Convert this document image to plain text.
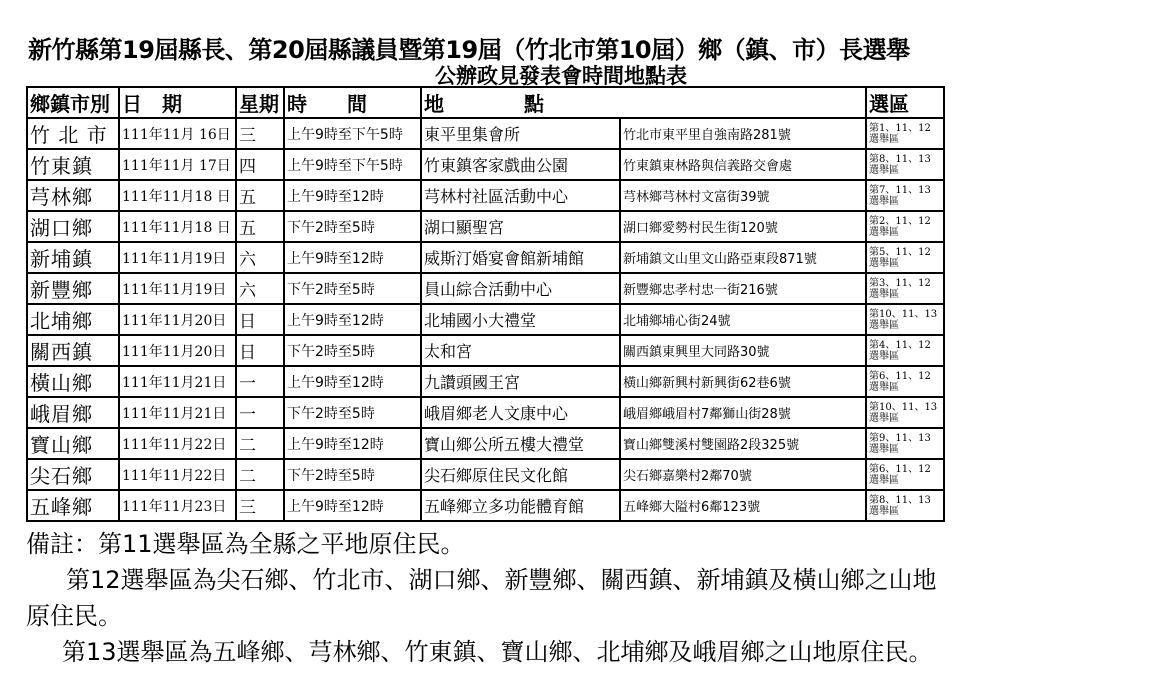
新竹縣第19屆縣長、第20屆縣議員暨第19屆（竹北市第10屆）鄉（鎮、市）長選舉
公辦政見發表會時間地點表
鄉鎮市別	日　期	星期	時　　間	地　　　　點		選區
竹 北 市	111年11月 16日	三	上午9時至下午5時	東平里集會所	竹北市東平里自強南路281號	第1、11、12
選舉區

竹東鎮	111年11月 17日	四	上午9時至下午5時	竹東鎮客家戲曲公園	竹東鎮東林路與信義路交會處	第8、11、13
選舉區

芎林鄉	111年11月18 日	五	上午9時至12時	芎林村社區活動中心	芎林鄉芎林村文富街39號	第7、11、13
選舉區

湖口鄉	111年11月18 日	五	下午2時至5時	湖口顯聖宮	湖口鄉愛勢村民生街120號	第2、11、12
選舉區

新埔鎮	111年11月19日	六	上午9時至12時	威斯汀婚宴會館新埔館	新埔鎮文山里文山路亞東段871號	第5、11、12
選舉區

新豐鄉	111年11月19日	六	下午2時至5時	員山綜合活動中心	新豐鄉忠孝村忠一街216號	第3、11、12
選舉區

北埔鄉	111年11月20日	日	上午9時至12時	北埔國小大禮堂	北埔鄉埔心街24號	第10、11、13
選舉區

關西鎮	111年11月20日	日	下午2時至5時	太和宮	關西鎮東興里大同路30號	第4、11、12
選舉區

橫山鄉	111年11月21日	一	上午9時至12時	九讚頭國王宮	橫山鄉新興村新興街62巷6號	第6、11、12
選舉區

峨眉鄉	111年11月21日	一	下午2時至5時	峨眉鄉老人文康中心	峨眉鄉峨眉村7鄰獅山街28號	第10、11、13
選舉區

寶山鄉	111年11月22日	二	上午9時至12時	寶山鄉公所五樓大禮堂	寶山鄉雙溪村雙園路2段325號	第9、11、13
選舉區

尖石鄉	111年11月22日	二	下午2時至5時	尖石鄉原住民文化館	尖石鄉嘉樂村2鄰70號	第6、11、12
選舉區

五峰鄉	111年11月23日	三	上午9時至12時	五峰鄉立多功能體育館	五峰鄉大隘村6鄰123號	第8、11、13
選舉區
備註：第11選舉區為全縣之平地原住民。
第12選舉區為尖石鄉、竹北市、湖口鄉、新豐鄉、關西鎮、新埔鎮及橫山鄉之山地
原住民。
第13選舉區為五峰鄉、芎林鄉、竹東鎮、寶山鄉、北埔鄉及峨眉鄉之山地原住民。
